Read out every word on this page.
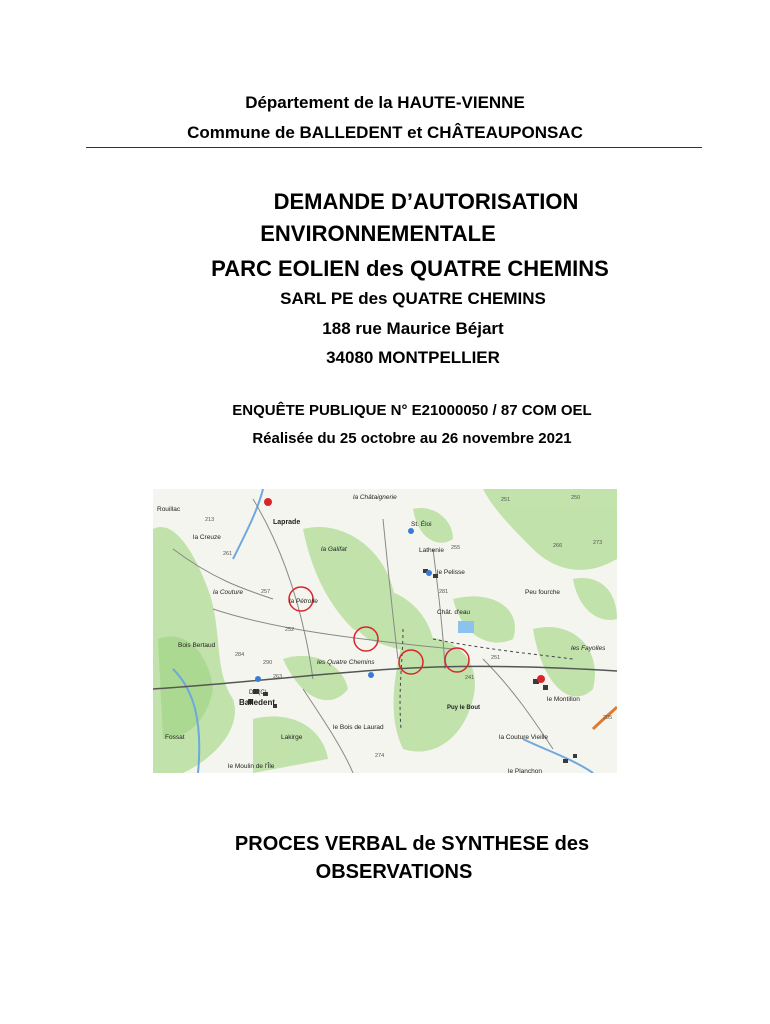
Département de la HAUTE-VIENNE
Commune de BALLEDENT et CHÂTEAUPONSAC
DEMANDE D’AUTORISATION
ENVIRONNEMENTALE
PARC EOLIEN des QUATRE CHEMINS
SARL PE des QUATRE CHEMINS
188 rue Maurice Béjart
34080 MONTPELLIER
ENQUÊTE PUBLIQUE N° E21000050 / 87 COM OEL
Réalisée du 25 octobre au 26 novembre 2021
Rouillac
Laprade
la Creuze
la Châtaignerie
St. Éloi
Lathenie
la Galifat
le Pelisse
la Couture
la Pétrolle
Chât. d'eau
Peu fourche
Bois Bertaud
les Quatre Chemins
les Fayolles
Balledent
Puy le Bout
le Montillon
le Bois de Laurad
Lakirge
Fossat	la Couture Vieille
le Moulin de l'Île
le Planchon
D2 (C)
213
251	250
273
261
255	266
257	281
252
284
290
263
251
241
274
205
PROCES VERBAL de SYNTHESE des
OBSERVATIONS
